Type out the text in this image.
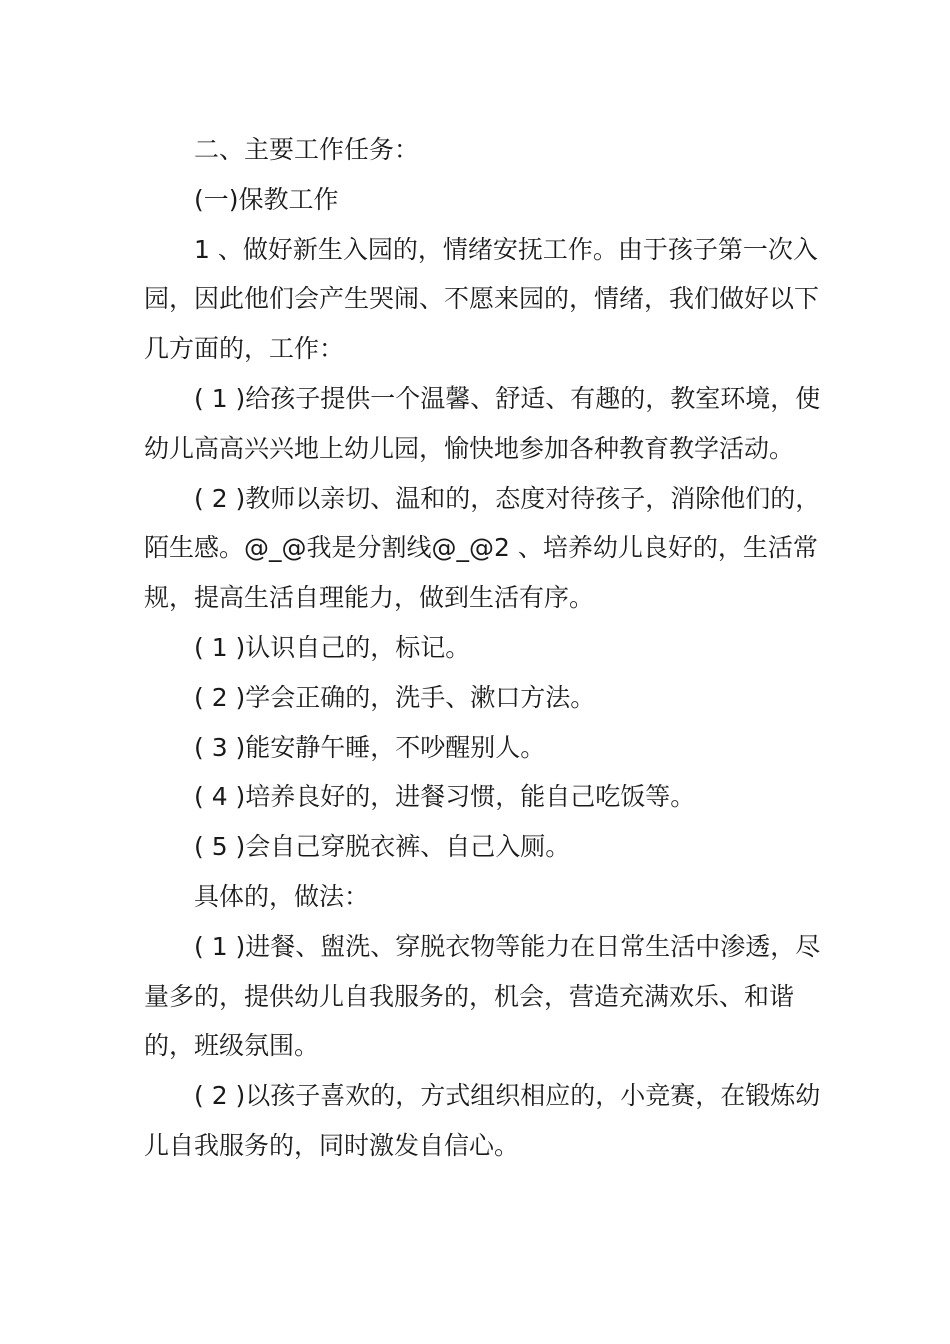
二、主要工作任务：

(一)保教工作

1 、做好新生入园的，情绪安抚工作。由于孩子第一次入园，因此他们会产生哭闹、不愿来园的，情绪，我们做好以下几方面的，工作：

( 1 )给孩子提供一个温馨、舒适、有趣的，教室环境，使幼儿高高兴兴地上幼儿园，愉快地参加各种教育教学活动。

( 2 )教师以亲切、温和的，态度对待孩子，消除他们的，陌生感。@_@我是分割线@_@2 、培养幼儿良好的，生活常规，提高生活自理能力，做到生活有序。

( 1 )认识自己的，标记。

( 2 )学会正确的，洗手、漱口方法。

( 3 )能安静午睡，不吵醒别人。

( 4 )培养良好的，进餐习惯，能自己吃饭等。

( 5 )会自己穿脱衣裤、自己入厕。

具体的，做法：

( 1 )进餐、盥洗、穿脱衣物等能力在日常生活中渗透，尽量多的，提供幼儿自我服务的，机会，营造充满欢乐、和谐的，班级氛围。

( 2 )以孩子喜欢的，方式组织相应的，小竞赛，在锻炼幼儿自我服务的，同时激发自信心。
